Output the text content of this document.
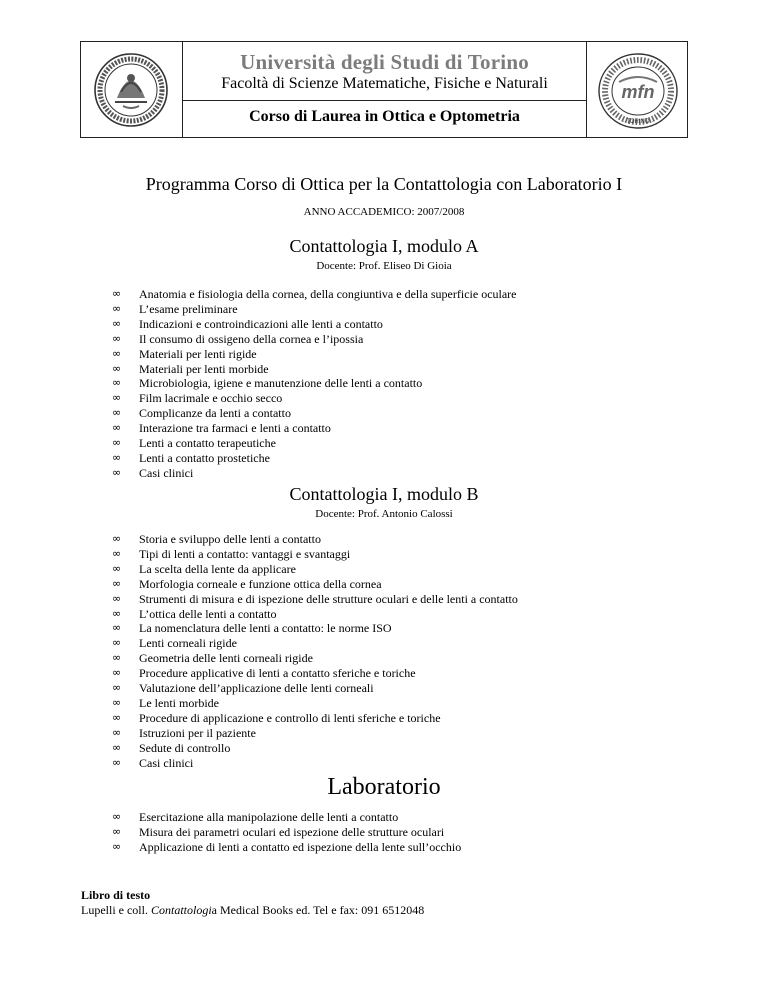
Università degli Studi di Torino
Facoltà di Scienze Matematiche, Fisiche e Naturali
Corso di Laurea in Ottica e Optometria
mfn
· TORINO ·
Programma Corso di Ottica per la Contattologia con Laboratorio I
ANNO ACCADEMICO: 2007/2008
Contattologia I, modulo A
Docente: Prof. Eliseo Di Gioia
∞ Anatomia e fisiologia della cornea, della congiuntiva e della superficie oculare
∞ L’esame preliminare
∞ Indicazioni e controindicazioni alle lenti a contatto
∞ Il consumo di ossigeno della cornea e l’ipossia
∞ Materiali per lenti rigide
∞ Materiali per lenti morbide
∞ Microbiologia, igiene e manutenzione delle lenti a contatto
∞ Film lacrimale e occhio secco
∞ Complicanze da lenti a contatto
∞ Interazione tra farmaci e lenti a contatto
∞ Lenti a contatto terapeutiche
∞ Lenti a contatto prostetiche
∞ Casi clinici
Contattologia I, modulo B
Docente: Prof. Antonio Calossi
∞ Storia e sviluppo delle lenti a contatto
∞ Tipi di lenti a contatto: vantaggi e svantaggi
∞ La scelta della lente da applicare
∞ Morfologia corneale e funzione ottica della cornea
∞ Strumenti di misura e di ispezione delle strutture oculari e delle lenti a contatto
∞ L’ottica delle lenti a contatto
∞ La nomenclatura delle lenti a contatto: le norme ISO
∞ Lenti corneali rigide
∞ Geometria delle lenti corneali rigide
∞ Procedure applicative di lenti a contatto sferiche e toriche
∞ Valutazione dell’applicazione delle lenti corneali
∞ Le lenti morbide
∞ Procedure di applicazione e controllo di lenti sferiche e toriche
∞ Istruzioni per il paziente
∞ Sedute di controllo
∞ Casi clinici
Laboratorio
∞ Esercitazione alla manipolazione delle lenti a contatto
∞ Misura dei parametri oculari ed ispezione delle strutture oculari
∞ Applicazione di lenti a contatto ed ispezione della lente sull’occhio
Libro di testo
Lupelli e coll. Contattologia Medical Books ed. Tel e fax: 091 6512048
